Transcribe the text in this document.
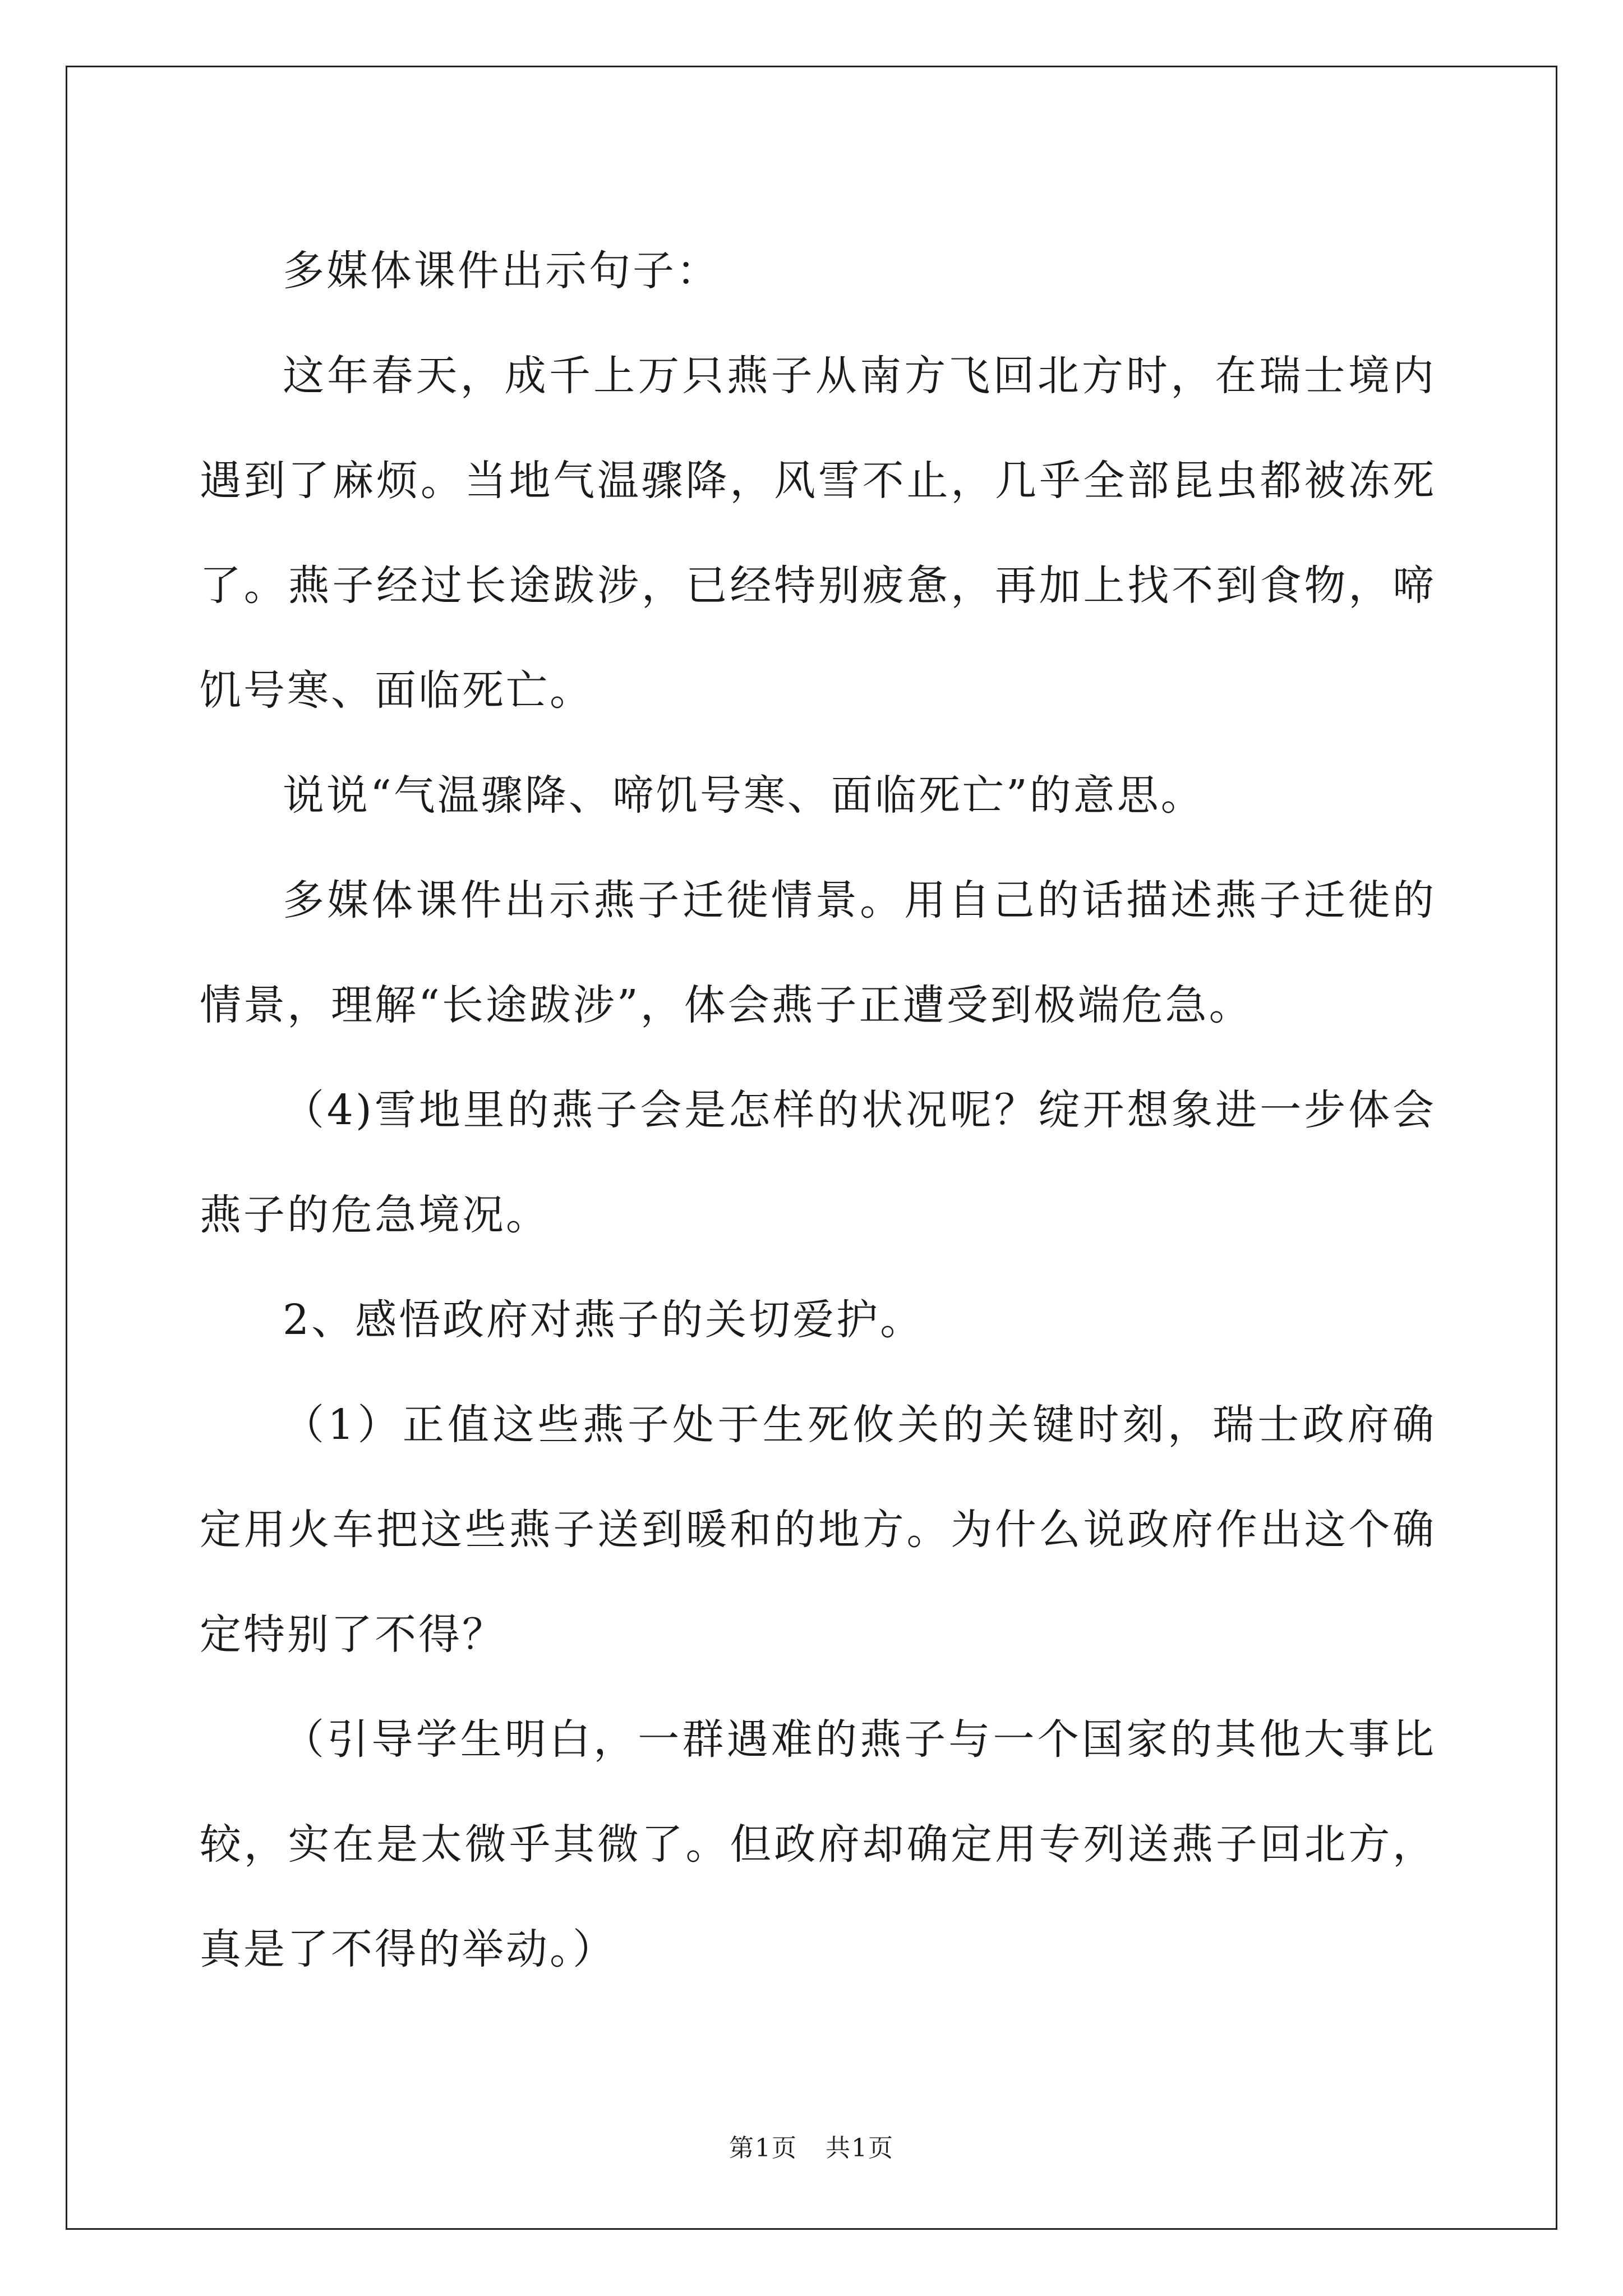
多媒体课件出示句子：

这年春天，成千上万只燕子从南方飞回北方时，在瑞士境内遇到了麻烦。当地气温骤降，风雪不止，几乎全部昆虫都被冻死了。燕子经过长途跋涉，已经特别疲惫，再加上找不到食物，啼饥号寒、面临死亡。

说说“气温骤降、啼饥号寒、面临死亡”的意思。

多媒体课件出示燕子迁徙情景。用自己的话描述燕子迁徙的情景，理解“长途跋涉”，体会燕子正遭受到极端危急。

（4)雪地里的燕子会是怎样的状况呢？绽开想象进一步体会燕子的危急境况。

2、感悟政府对燕子的关切爱护。

（1）正值这些燕子处于生死攸关的关键时刻，瑞士政府确定用火车把这些燕子送到暖和的地方。为什么说政府作出这个确定特别了不得？

（引导学生明白，一群遇难的燕子与一个国家的其他大事比较，实在是太微乎其微了。但政府却确定用专列送燕子回北方，真是了不得的举动。）

第1页 共1页
